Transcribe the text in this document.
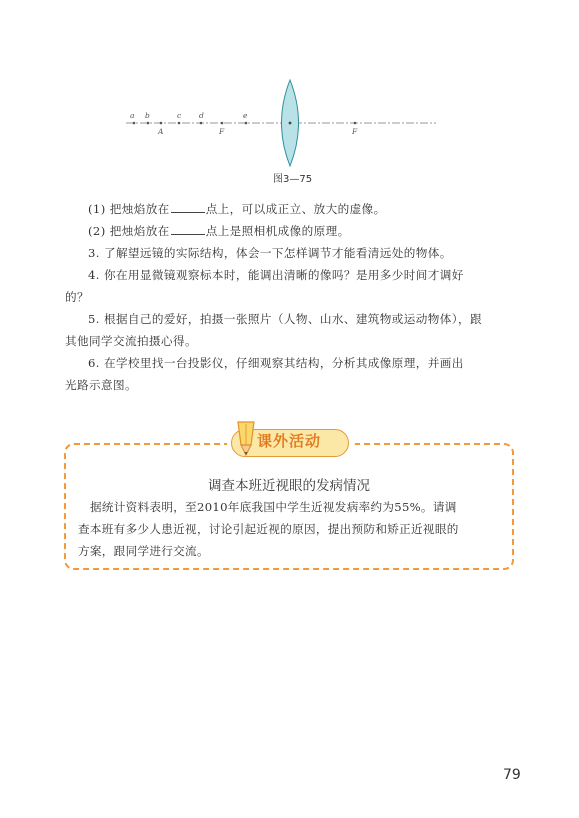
a b	c d	e
A	F	F
图3—75

(1) 把烛焰放在	点上，可以成正立、放大的虚像。

(2) 把烛焰放在	点上是照相机成像的原理。

3. 了解望远镜的实际结构，体会一下怎样调节才能看清远处的物体。

4. 你在用显微镜观察标本时，能调出清晰的像吗？是用多少时间才调好

的？

5. 根据自己的爱好，拍摄一张照片（人物、山水、建筑物或运动物体），跟

其他同学交流拍摄心得。

6. 在学校里找一台投影仪，仔细观察其结构，分析其成像原理，并画出

光路示意图。

课外活动
调查本班近视眼的发病情况
据统计资料表明，至2010年底我国中学生近视发病率约为55%。请调
查本班有多少人患近视，讨论引起近视的原因，提出预防和矫正近视眼的
方案，跟同学进行交流。
79
